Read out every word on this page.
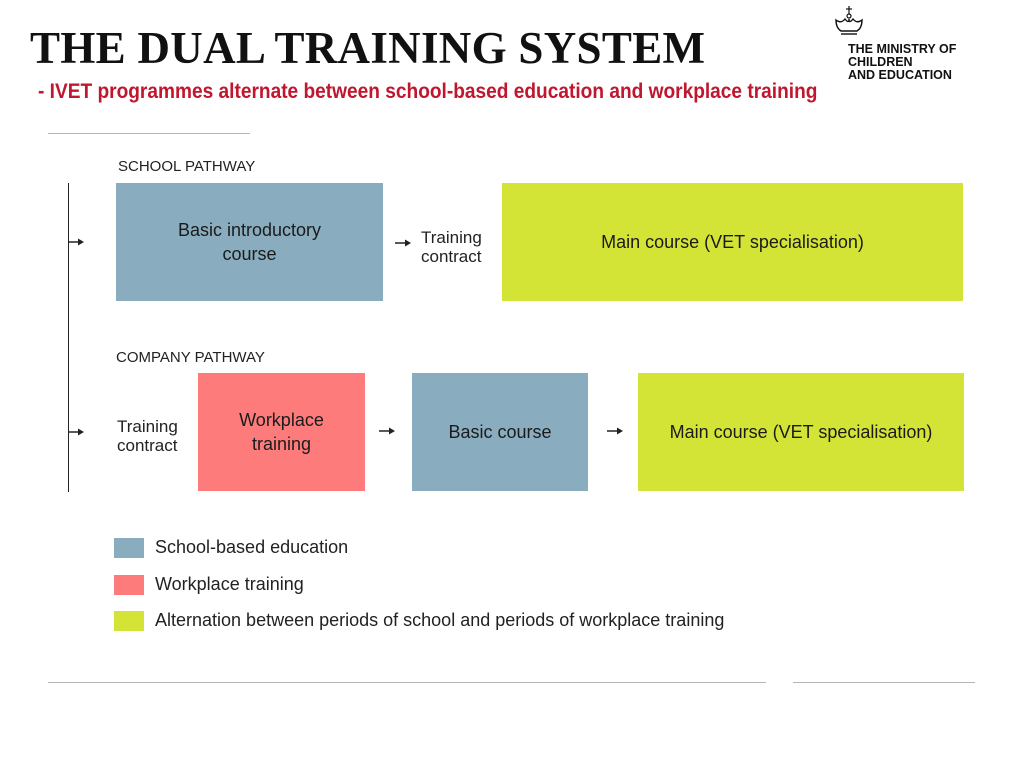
THE DUAL TRAINING SYSTEM
- IVET programmes alternate between school-based education and workplace training
THE MINISTRY OF
CHILDREN
AND EDUCATION
SCHOOL PATHWAY
Basic introductory course
Training contract
Main course (VET specialisation)
COMPANY PATHWAY
Training contract
Workplace training
Basic course	Main course (VET specialisation)
School-based education
Workplace training
Alternation between periods of school and periods of workplace training
